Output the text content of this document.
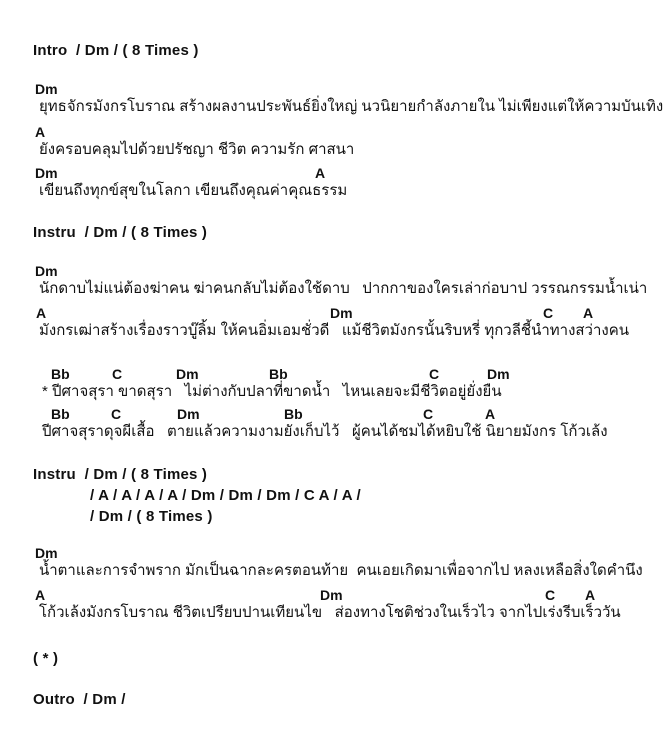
Intro  / Dm / ( 8 Times )
Dm
ยุทธจักรมังกรโบราณ สร้างผลงานประพันธ์ยิ่งใหญ่ นวนิยายกำลังภายใน ไม่เพียงแต่ให้ความบันเทิง
A
ยังครอบคลุมไปด้วยปรัชญา ชีวิต ความรัก ศาสนา
Dm	A
เขียนถึงทุกข์สุขในโลกา เขียนถึงคุณค่าคุณธรรม
Instru  / Dm / ( 8 Times )
Dm
นักดาบไม่แน่ต้องฆ่าคน ฆ่าคนกลับไม่ต้องใช้ดาบ   ปากกาของใครเล่าก่อบาป วรรณกรรมน้ำเน่า
A	Dm	C A
มังกรเฒ่าสร้างเรื่องราวบู๊ลิ้ม ให้คนอิ่มเอมชั่วดี   แม้ชีวิตมังกรนั้นริบหรี่ ทุกวลีชี้นำทางสว่างคน
Bb	C	Dm	Bb	C	Dm
* ปีศาจสุรา ขาดสุรา   ไม่ต่างกับปลาที่ขาดน้ำ   ไหนเลยจะมีชีวิตอยู่ยั่งยืน
Bb	C	Dm	Bb	C	A
ปีศาจสุราดุจผีเสื้อ   ตายแล้วความงามยังเก็บไว้   ผู้คนได้ชมได้หยิบใช้ นิยายมังกร โก้วเล้ง
Instru  / Dm / ( 8 Times )
/ A / A / A / A / Dm / Dm / Dm / C A / A /
/ Dm / ( 8 Times )
Dm
น้ำตาและการจำพราก มักเป็นฉากละครตอนท้าย  คนเอยเกิดมาเพื่อจากไป หลงเหลือสิ่งใดคำนึง
A	Dm	C A
โก้วเล้งมังกรโบราณ ชีวิตเปรียบปานเทียนไข   ส่องทางโชติช่วงในเร็วไว จากไปเร่งรีบเร็ววัน
( * )
Outro  / Dm /
